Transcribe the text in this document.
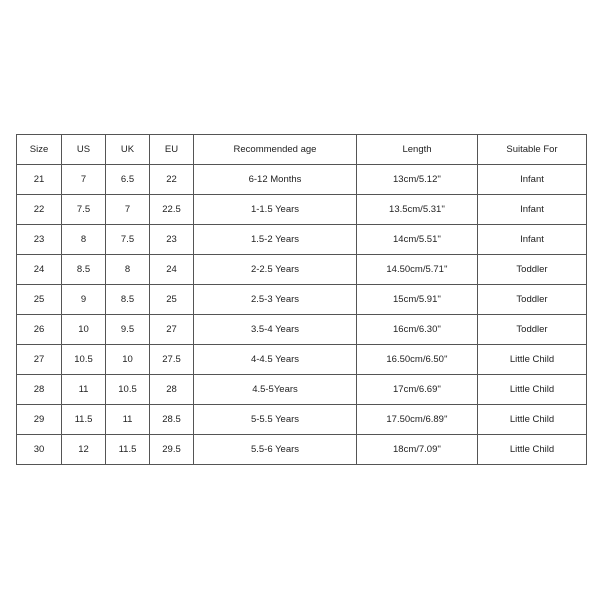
Size	US	UK	EU	Recommended age	Length	Suitable For
21	7	6.5	22	6-12 Months	13cm/5.12''	Infant
22	7.5	7	22.5	1-1.5 Years	13.5cm/5.31''	Infant
23	8	7.5	23	1.5-2 Years	14cm/5.51''	Infant
24	8.5	8	24	2-2.5 Years	14.50cm/5.71''	Toddler
25	9	8.5	25	2.5-3 Years	15cm/5.91''	Toddler
26	10	9.5	27	3.5-4 Years	16cm/6.30''	Toddler
27	10.5	10	27.5	4-4.5 Years	16.50cm/6.50''	Little Child
28	11	10.5	28	4.5-5Years	17cm/6.69''	Little Child
29	11.5	11	28.5	5-5.5 Years	17.50cm/6.89''	Little Child
30	12	11.5	29.5	5.5-6 Years	18cm/7.09''	Little Child
